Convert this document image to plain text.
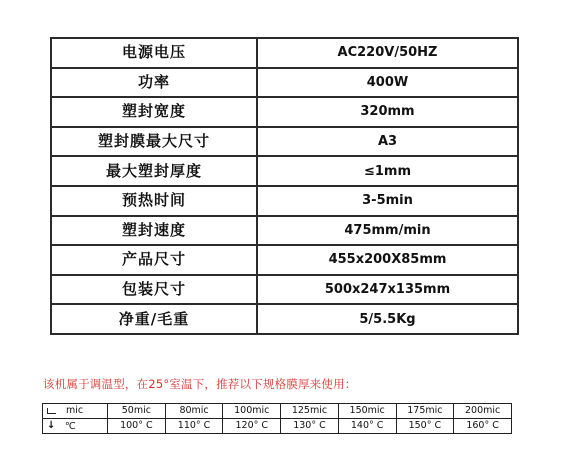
电源电压	AC220V/50HZ
功率	400W
塑封宽度	320mm
塑封膜最大尺寸	A3
最大塑封厚度	≤1mm
预热时间	3-5min
塑封速度	475mm/min
产品尺寸	455x200X85mm
包装尺寸	500x247x135mm
净重/毛重	5/5.5Kg
该机属于调温型，在25°室温下，推荐以下规格膜厚来使用：
mic	50mic	80mic	100mic	125mic	150mic	175mic	200mic
↓ ℃	100° C	110° C	120° C	130° C	140° C	150° C	160° C
